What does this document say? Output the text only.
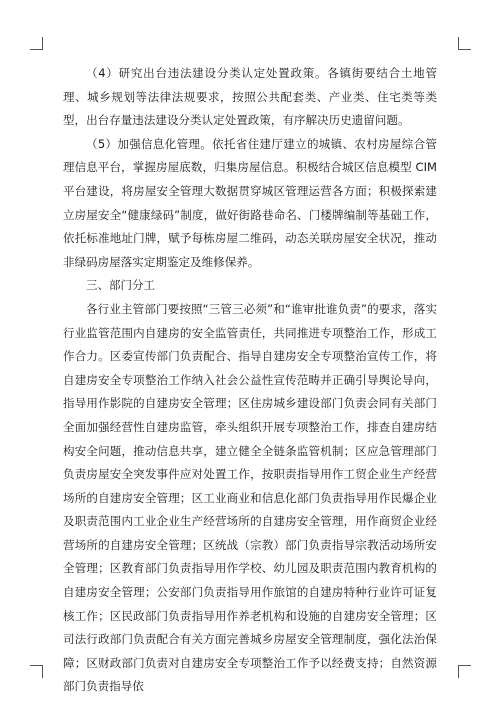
（4）研究出台违法建设分类认定处置政策。各镇街要结合土地管理、城乡规划等法律法规要求，按照公共配套类、产业类、住宅类等类型，出台存量违法建设分类认定处置政策，有序解决历史遗留问题。

（5）加强信息化管理。依托省住建厅建立的城镇、农村房屋综合管理信息平台，掌握房屋底数，归集房屋信息。积极结合城区信息模型 CIM 平台建设，将房屋安全管理大数据贯穿城区管理运营各方面；积极探索建立房屋安全“健康绿码”制度，做好街路巷命名、门楼牌编制等基础工作，依托标准地址门牌，赋予每栋房屋二维码，动态关联房屋安全状况，推动非绿码房屋落实定期鉴定及维修保养。

三、部门分工

各行业主管部门要按照“三管三必须”和“谁审批谁负责”的要求，落实行业监管范围内自建房的安全监管责任，共同推进专项整治工作，形成工作合力。区委宣传部门负责配合、指导自建房安全专项整治宣传工作，将自建房安全专项整治工作纳入社会公益性宣传范畴并正确引导舆论导向，指导用作影院的自建房安全管理；区住房城乡建设部门负责会同有关部门全面加强经营性自建房监管，牵头组织开展专项整治工作，排查自建房结构安全问题，推动信息共享，建立健全全链条监管机制；区应急管理部门负责房屋安全突发事件应对处置工作，按职责指导用作工贸企业生产经营场所的自建房安全管理；区工业商业和信息化部门负责指导用作民爆企业及职责范围内工业企业生产经营场所的自建房安全管理，用作商贸企业经营场所的自建房安全管理；区统战（宗教）部门负责指导宗教活动场所安全管理；区教育部门负责指导用作学校、幼儿园及职责范围内教育机构的自建房安全管理；公安部门负责指导用作旅馆的自建房特种行业许可证复核工作；区民政部门负责指导用作养老机构和设施的自建房安全管理；区司法行政部门负责配合有关方面完善城乡房屋安全管理制度，强化法治保障；区财政部门负责对自建房安全专项整治工作予以经费支持；自然资源部门负责指导依
